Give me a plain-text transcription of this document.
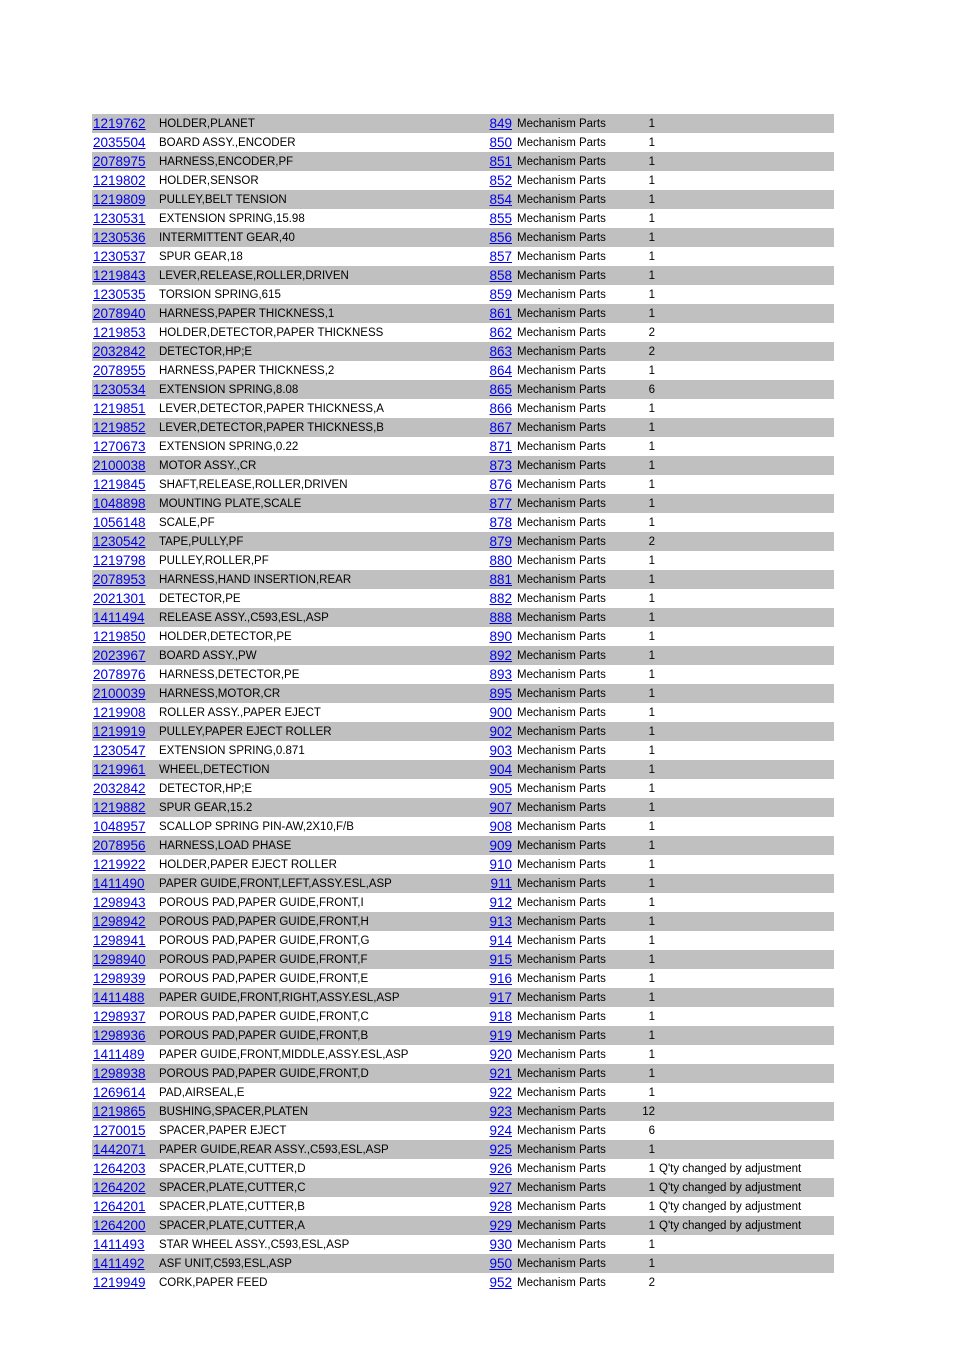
1219762	HOLDER,PLANET	849	Mechanism Parts	1	
2035504	BOARD ASSY.,ENCODER	850	Mechanism Parts	1	
2078975	HARNESS,ENCODER,PF	851	Mechanism Parts	1	
1219802	HOLDER,SENSOR	852	Mechanism Parts	1	
1219809	PULLEY,BELT TENSION	854	Mechanism Parts	1	
1230531	EXTENSION SPRING,15.98	855	Mechanism Parts	1	
1230536	INTERMITTENT GEAR,40	856	Mechanism Parts	1	
1230537	SPUR GEAR,18	857	Mechanism Parts	1	
1219843	LEVER,RELEASE,ROLLER,DRIVEN	858	Mechanism Parts	1	
1230535	TORSION SPRING,615	859	Mechanism Parts	1	
2078940	HARNESS,PAPER THICKNESS,1	861	Mechanism Parts	1	
1219853	HOLDER,DETECTOR,PAPER THICKNESS	862	Mechanism Parts	2	
2032842	DETECTOR,HP;E	863	Mechanism Parts	2	
2078955	HARNESS,PAPER THICKNESS,2	864	Mechanism Parts	1	
1230534	EXTENSION SPRING,8.08	865	Mechanism Parts	6	
1219851	LEVER,DETECTOR,PAPER THICKNESS,A	866	Mechanism Parts	1	
1219852	LEVER,DETECTOR,PAPER THICKNESS,B	867	Mechanism Parts	1	
1270673	EXTENSION SPRING,0.22	871	Mechanism Parts	1	
2100038	MOTOR ASSY.,CR	873	Mechanism Parts	1	
1219845	SHAFT,RELEASE,ROLLER,DRIVEN	876	Mechanism Parts	1	
1048898	MOUNTING PLATE,SCALE	877	Mechanism Parts	1	
1056148	SCALE,PF	878	Mechanism Parts	1	
1230542	TAPE,PULLY,PF	879	Mechanism Parts	2	
1219798	PULLEY,ROLLER,PF	880	Mechanism Parts	1	
2078953	HARNESS,HAND INSERTION,REAR	881	Mechanism Parts	1	
2021301	DETECTOR,PE	882	Mechanism Parts	1	
1411494	RELEASE ASSY.,C593,ESL,ASP	888	Mechanism Parts	1	
1219850	HOLDER,DETECTOR,PE	890	Mechanism Parts	1	
2023967	BOARD ASSY.,PW	892	Mechanism Parts	1	
2078976	HARNESS,DETECTOR,PE	893	Mechanism Parts	1	
2100039	HARNESS,MOTOR,CR	895	Mechanism Parts	1	
1219908	ROLLER ASSY.,PAPER EJECT	900	Mechanism Parts	1	
1219919	PULLEY,PAPER EJECT ROLLER	902	Mechanism Parts	1	
1230547	EXTENSION SPRING,0.871	903	Mechanism Parts	1	
1219961	WHEEL,DETECTION	904	Mechanism Parts	1	
2032842	DETECTOR,HP;E	905	Mechanism Parts	1	
1219882	SPUR GEAR,15.2	907	Mechanism Parts	1	
1048957	SCALLOP SPRING PIN-AW,2X10,F/B	908	Mechanism Parts	1	
2078956	HARNESS,LOAD PHASE	909	Mechanism Parts	1	
1219922	HOLDER,PAPER EJECT ROLLER	910	Mechanism Parts	1	
1411490	PAPER GUIDE,FRONT,LEFT,ASSY.ESL,ASP	911	Mechanism Parts	1	
1298943	POROUS PAD,PAPER GUIDE,FRONT,I	912	Mechanism Parts	1	
1298942	POROUS PAD,PAPER GUIDE,FRONT,H	913	Mechanism Parts	1	
1298941	POROUS PAD,PAPER GUIDE,FRONT,G	914	Mechanism Parts	1	
1298940	POROUS PAD,PAPER GUIDE,FRONT,F	915	Mechanism Parts	1	
1298939	POROUS PAD,PAPER GUIDE,FRONT,E	916	Mechanism Parts	1	
1411488	PAPER GUIDE,FRONT,RIGHT,ASSY.ESL,ASP	917	Mechanism Parts	1	
1298937	POROUS PAD,PAPER GUIDE,FRONT,C	918	Mechanism Parts	1	
1298936	POROUS PAD,PAPER GUIDE,FRONT,B	919	Mechanism Parts	1	
1411489	PAPER GUIDE,FRONT,MIDDLE,ASSY.ESL,ASP	920	Mechanism Parts	1	
1298938	POROUS PAD,PAPER GUIDE,FRONT,D	921	Mechanism Parts	1	
1269614	PAD,AIRSEAL,E	922	Mechanism Parts	1	
1219865	BUSHING,SPACER,PLATEN	923	Mechanism Parts	12	
1270015	SPACER,PAPER EJECT	924	Mechanism Parts	6	
1442071	PAPER GUIDE,REAR ASSY.,C593,ESL,ASP	925	Mechanism Parts	1	
1264203	SPACER,PLATE,CUTTER,D	926	Mechanism Parts	1	Q'ty changed by adjustment
1264202	SPACER,PLATE,CUTTER,C	927	Mechanism Parts	1	Q'ty changed by adjustment
1264201	SPACER,PLATE,CUTTER,B	928	Mechanism Parts	1	Q'ty changed by adjustment
1264200	SPACER,PLATE,CUTTER,A	929	Mechanism Parts	1	Q'ty changed by adjustment
1411493	STAR WHEEL ASSY.,C593,ESL,ASP	930	Mechanism Parts	1	
1411492	ASF UNIT,C593,ESL,ASP	950	Mechanism Parts	1	
1219949	CORK,PAPER FEED	952	Mechanism Parts	2	
